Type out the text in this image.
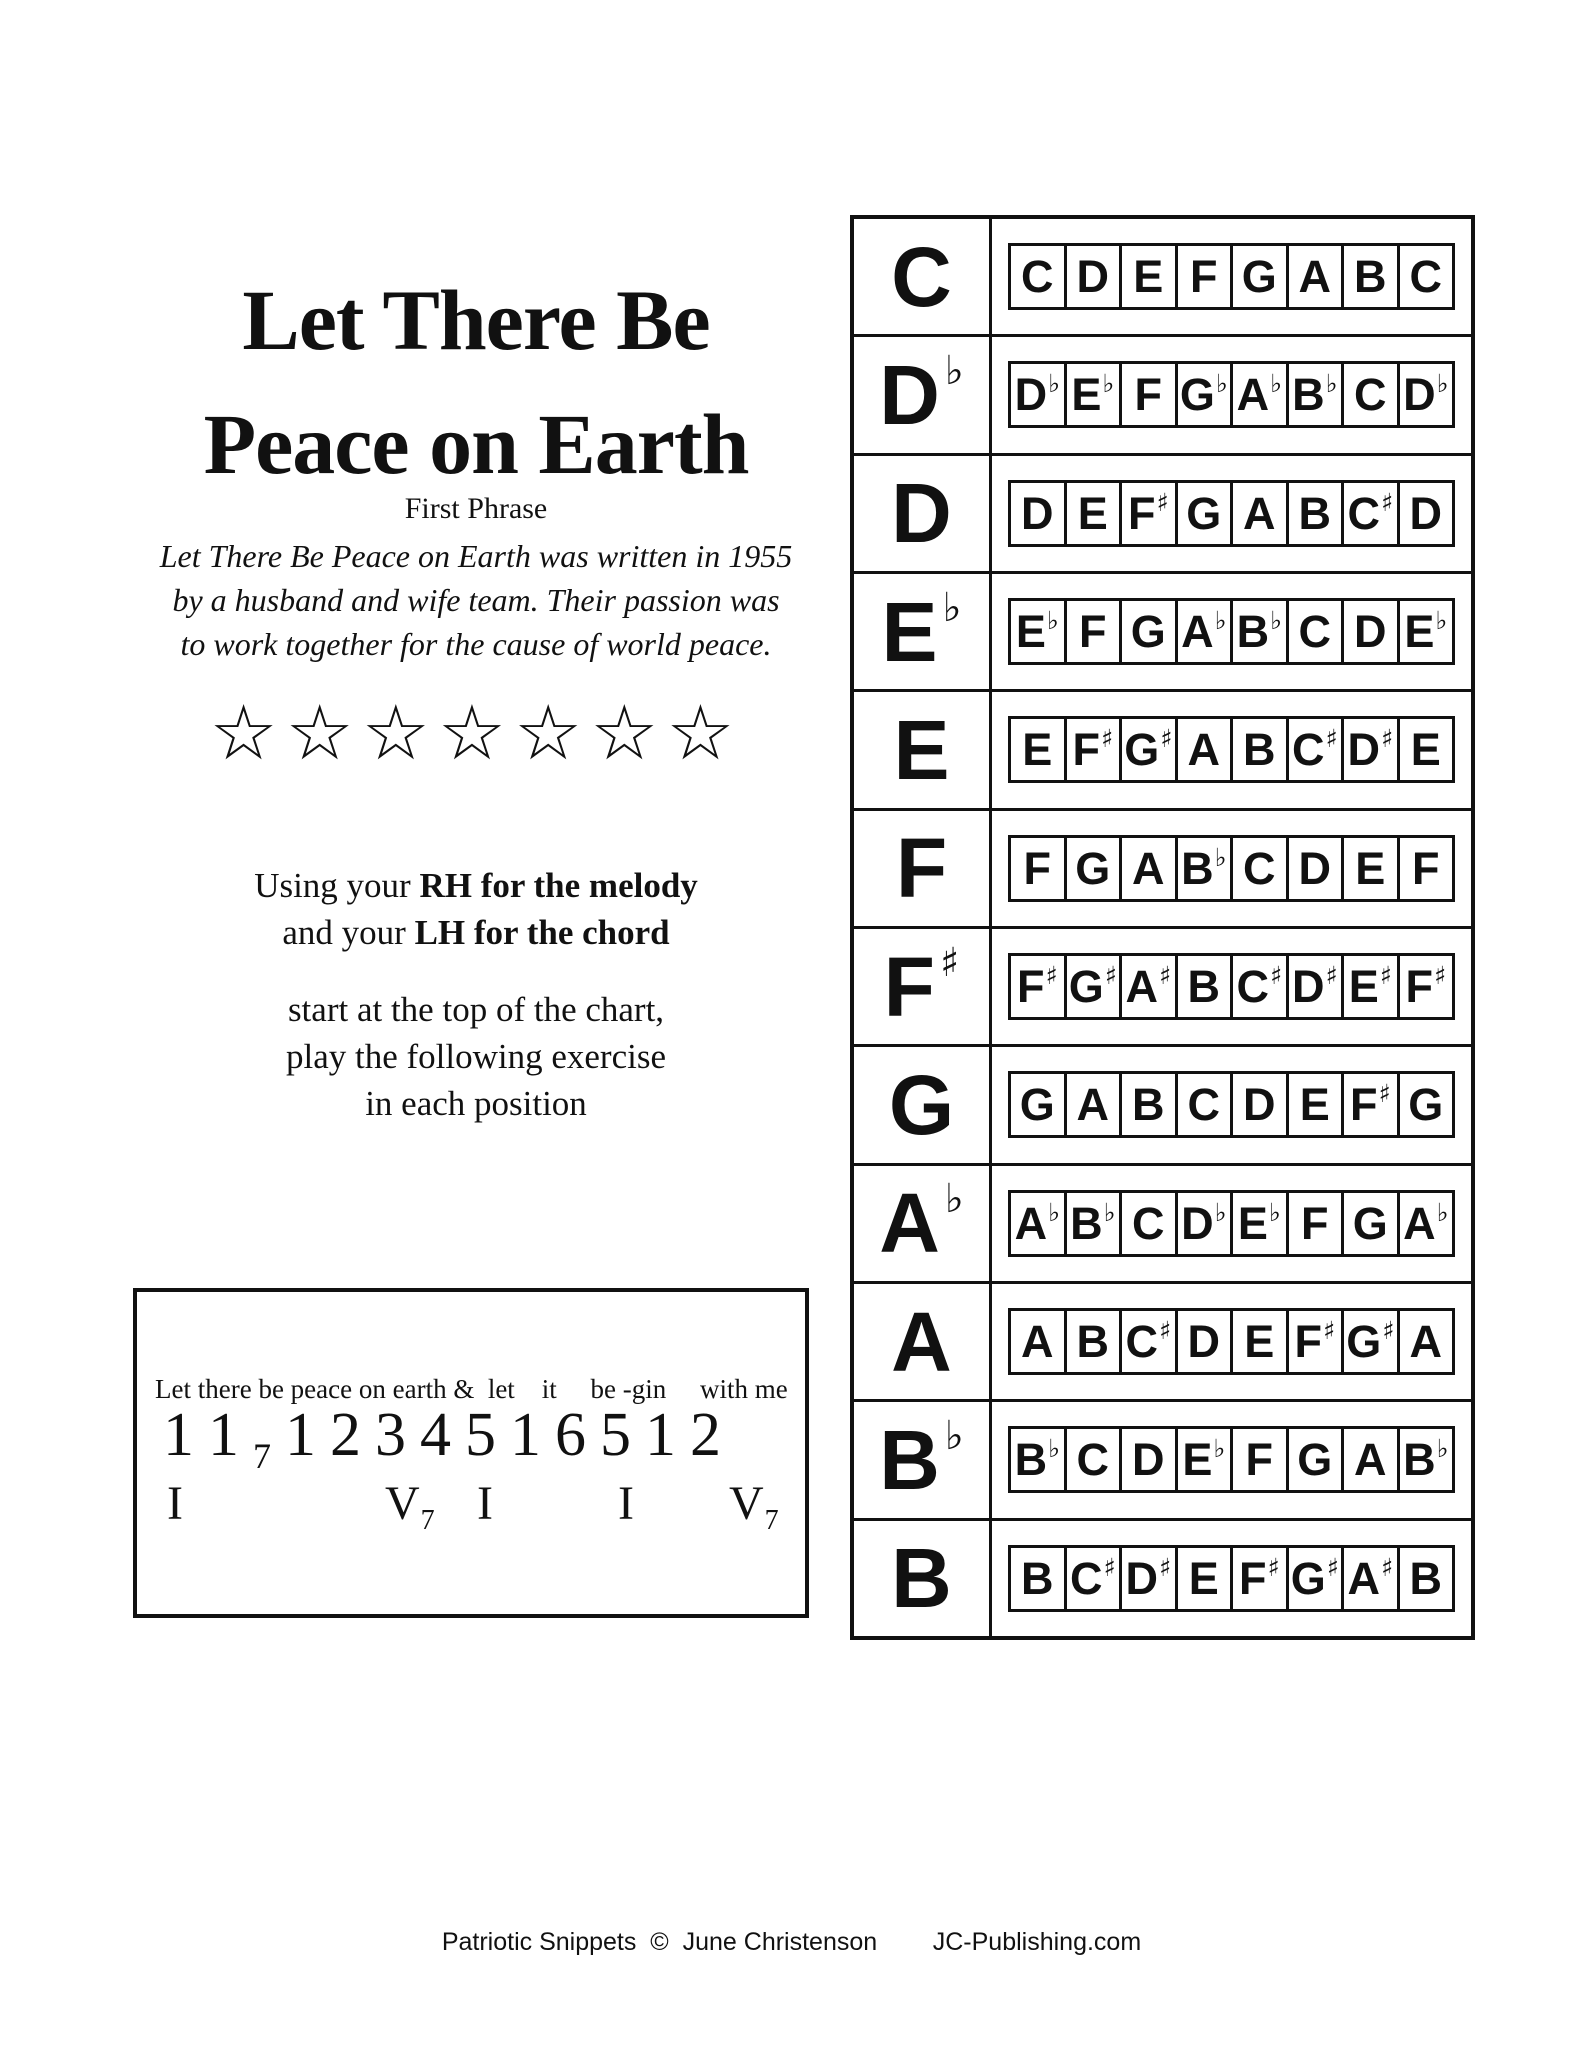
Let There Be
Peace on Earth
First Phrase
Let There Be Peace on Earth was written in 1955
by a husband and wife team. Their passion was
to work together for the cause of world peace.
☆☆☆☆☆☆☆
Using your RH for the melody
and your LH for the chord
start at the top of the chart,
play the following exercise
in each position
Let there be peace on earth &  let    it     be -gin     with me
1 1 7 1 2 3 4 5 1 6 5 1 2
I	$V_7$ I	I $V_7$
C C D E F G A B C
D ♭ D ♭ E ♭ F G ♭ A ♭ B ♭ C D ♭
D D E F ♯ G A B C ♯ D
E ♭ E ♭ F G A ♭ B ♭ C D E ♭
E E F ♯ G ♯ A B C ♯ D ♯ E
F F G A B ♭ C D E F
F ♯ F ♯ G ♯ A ♯ B C ♯ D ♯ E ♯ F ♯
G G A B C D E F ♯ G
A ♭ A ♭ B ♭ C D ♭ E ♭ F G A ♭
A A B C ♯ D E F ♯ G ♯ A
B ♭ B ♭ C D E ♭ F G A B ♭
B B C ♯ D ♯ E F ♯ G ♯ A ♯ B
Patriotic Snippets © June Christenson JC-Publishing.com
